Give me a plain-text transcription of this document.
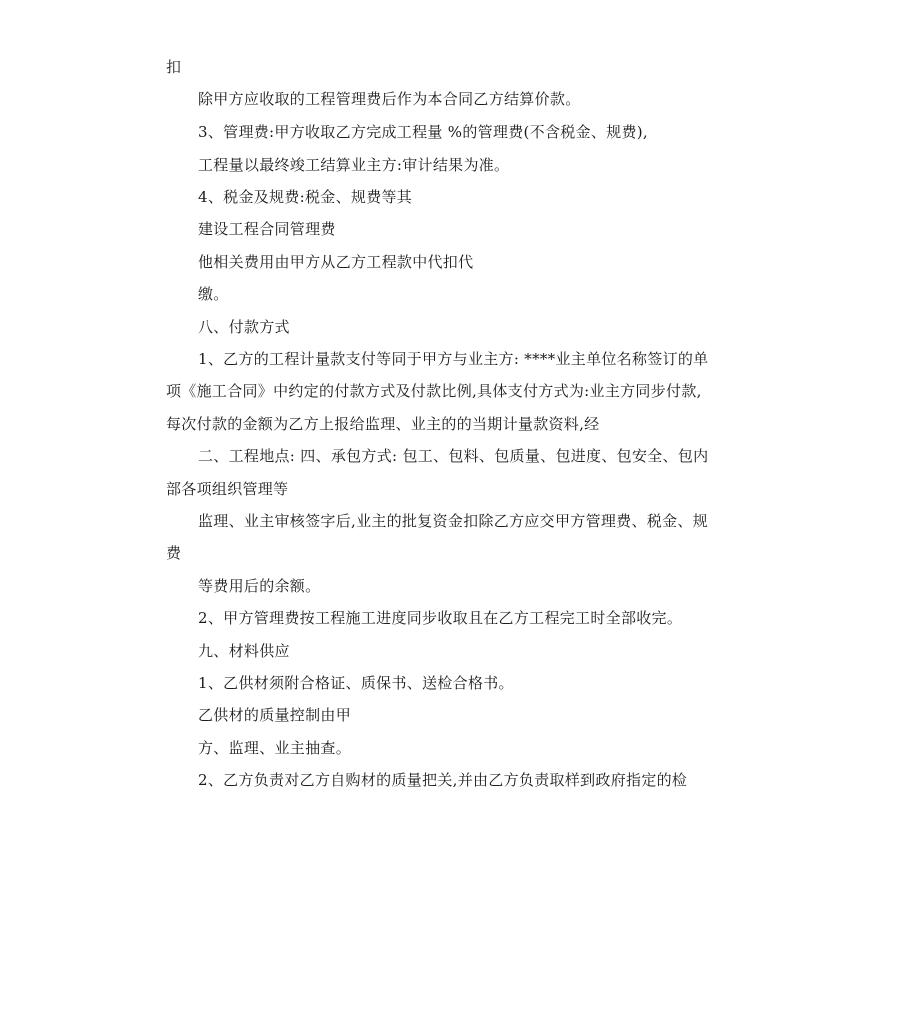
扣
除甲方应收取的工程管理费后作为本合同乙方结算价款。
3、管理费:甲方收取乙方完成工程量 %的管理费(不含税金、规费),
工程量以最终竣工结算业主方:审计结果为准。
4、税金及规费:税金、规费等其
建设工程合同管理费
他相关费用由甲方从乙方工程款中代扣代
缴。
八、付款方式
1、乙方的工程计量款支付等同于甲方与业主方: ****业主单位名称签订的单
项《施工合同》中约定的付款方式及付款比例,具体支付方式为:业主方同步付款,
每次付款的金额为乙方上报给监理、业主的的当期计量款资料,经
二、工程地点: 四、承包方式: 包工、包料、包质量、包进度、包安全、包内
部各项组织管理等
监理、业主审核签字后,业主的批复资金扣除乙方应交甲方管理费、税金、规
费
等费用后的余额。
2、甲方管理费按工程施工进度同步收取且在乙方工程完工时全部收完。
九、材料供应
1、乙供材须附合格证、质保书、送检合格书。
乙供材的质量控制由甲
方、监理、业主抽查。
2、乙方负责对乙方自购材的质量把关,并由乙方负责取样到政府指定的检
